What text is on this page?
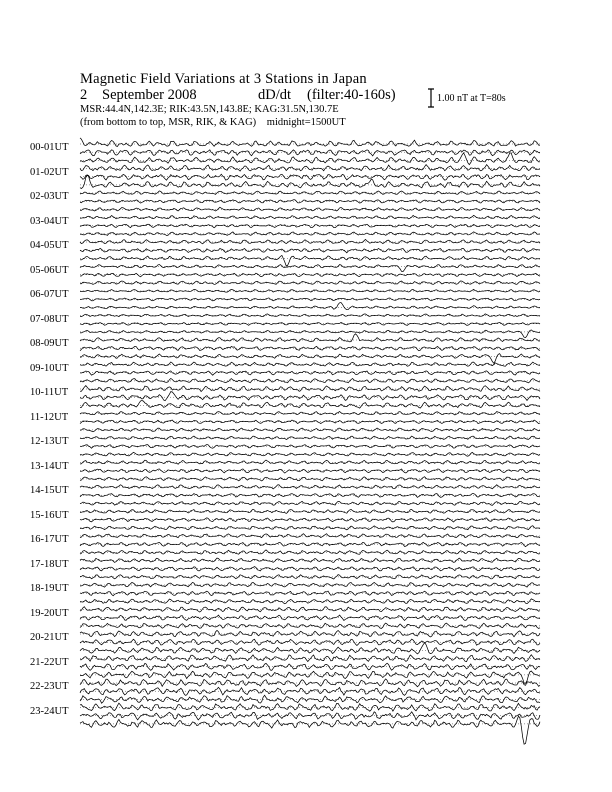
Magnetic Field Variations at 3 Stations in Japan
2 September 2008	dD/dt (filter:40-160s)
MSR:44.4N,142.3E; RIK:43.5N,143.8E; KAG:31.5N,130.7E
(from bottom to top, MSR, RIK, & KAG) midnight=1500UT
1.00 nT at T=80s
00-01UT
01-02UT
02-03UT
03-04UT
04-05UT
05-06UT
06-07UT
07-08UT
08-09UT
09-10UT
10-11UT
11-12UT
12-13UT
13-14UT
14-15UT
15-16UT
16-17UT
17-18UT
18-19UT
19-20UT
20-21UT
21-22UT
22-23UT
23-24UT
